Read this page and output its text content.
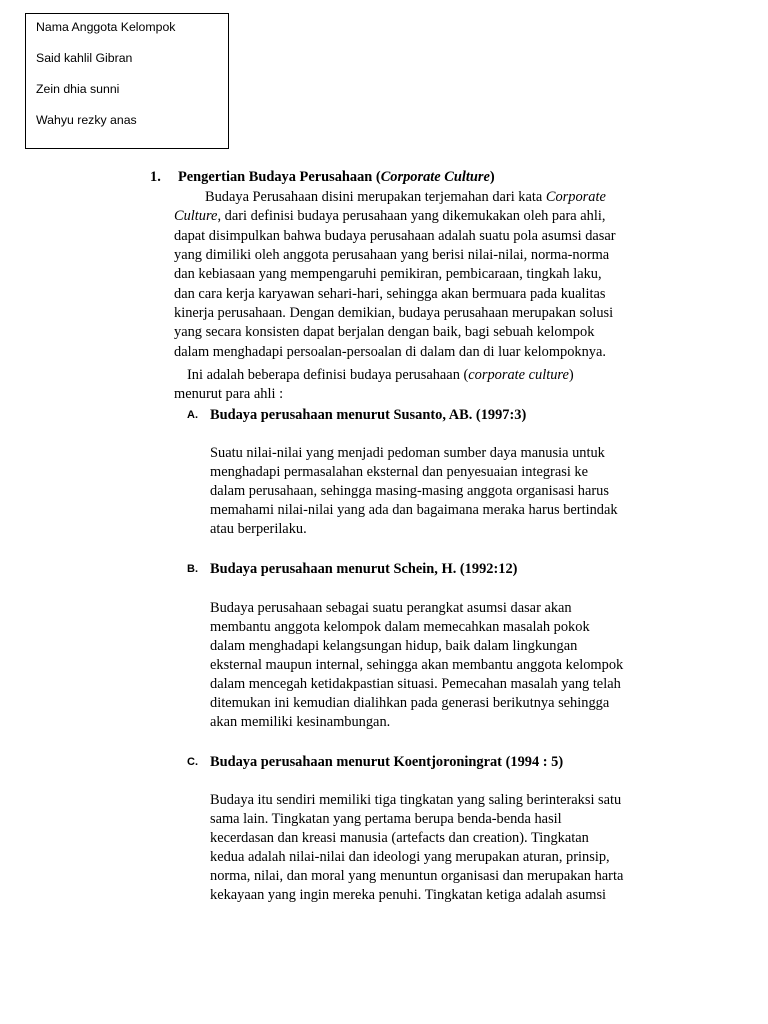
Nama Anggota Kelompok
Said kahlil Gibran
Zein dhia sunni
Wahyu rezky anas
1. Pengertian Budaya Perusahaan (Corporate Culture)
Budaya Perusahaan disini merupakan terjemahan dari kata Corporate
Culture, dari definisi budaya perusahaan yang dikemukakan oleh para ahli,
dapat disimpulkan bahwa budaya perusahaan adalah suatu pola asumsi dasar
yang dimiliki oleh anggota perusahaan yang berisi nilai-nilai, norma-norma
dan kebiasaan yang mempengaruhi pemikiran, pembicaraan, tingkah laku,
dan cara kerja karyawan sehari-hari, sehingga akan bermuara pada kualitas
kinerja perusahaan. Dengan demikian, budaya perusahaan merupakan solusi
yang secara konsisten dapat berjalan dengan baik, bagi sebuah kelompok
dalam menghadapi persoalan-persoalan di dalam dan di luar kelompoknya.
Ini adalah beberapa definisi budaya perusahaan (corporate culture)
menurut para ahli :
A. Budaya perusahaan menurut Susanto, AB. (1997:3)
Suatu nilai-nilai yang menjadi pedoman sumber daya manusia untuk
menghadapi permasalahan eksternal dan penyesuaian integrasi ke
dalam perusahaan, sehingga masing-masing anggota organisasi harus
memahami nilai-nilai yang ada dan bagaimana meraka harus bertindak
atau berperilaku.
B. Budaya perusahaan menurut Schein, H. (1992:12)
Budaya perusahaan sebagai suatu perangkat asumsi dasar akan
membantu anggota kelompok dalam memecahkan masalah pokok
dalam menghadapi kelangsungan hidup, baik dalam lingkungan
eksternal maupun internal, sehingga akan membantu anggota kelompok
dalam mencegah ketidakpastian situasi. Pemecahan masalah yang telah
ditemukan ini kemudian dialihkan pada generasi berikutnya sehingga
akan memiliki kesinambungan.
C. Budaya perusahaan menurut Koentjoroningrat (1994 : 5)
Budaya itu sendiri memiliki tiga tingkatan yang saling berinteraksi satu
sama lain. Tingkatan yang pertama berupa benda-benda hasil
kecerdasan dan kreasi manusia (artefacts dan creation). Tingkatan
kedua adalah nilai-nilai dan ideologi yang merupakan aturan, prinsip,
norma, nilai, dan moral yang menuntun organisasi dan merupakan harta
kekayaan yang ingin mereka penuhi. Tingkatan ketiga adalah asumsi
